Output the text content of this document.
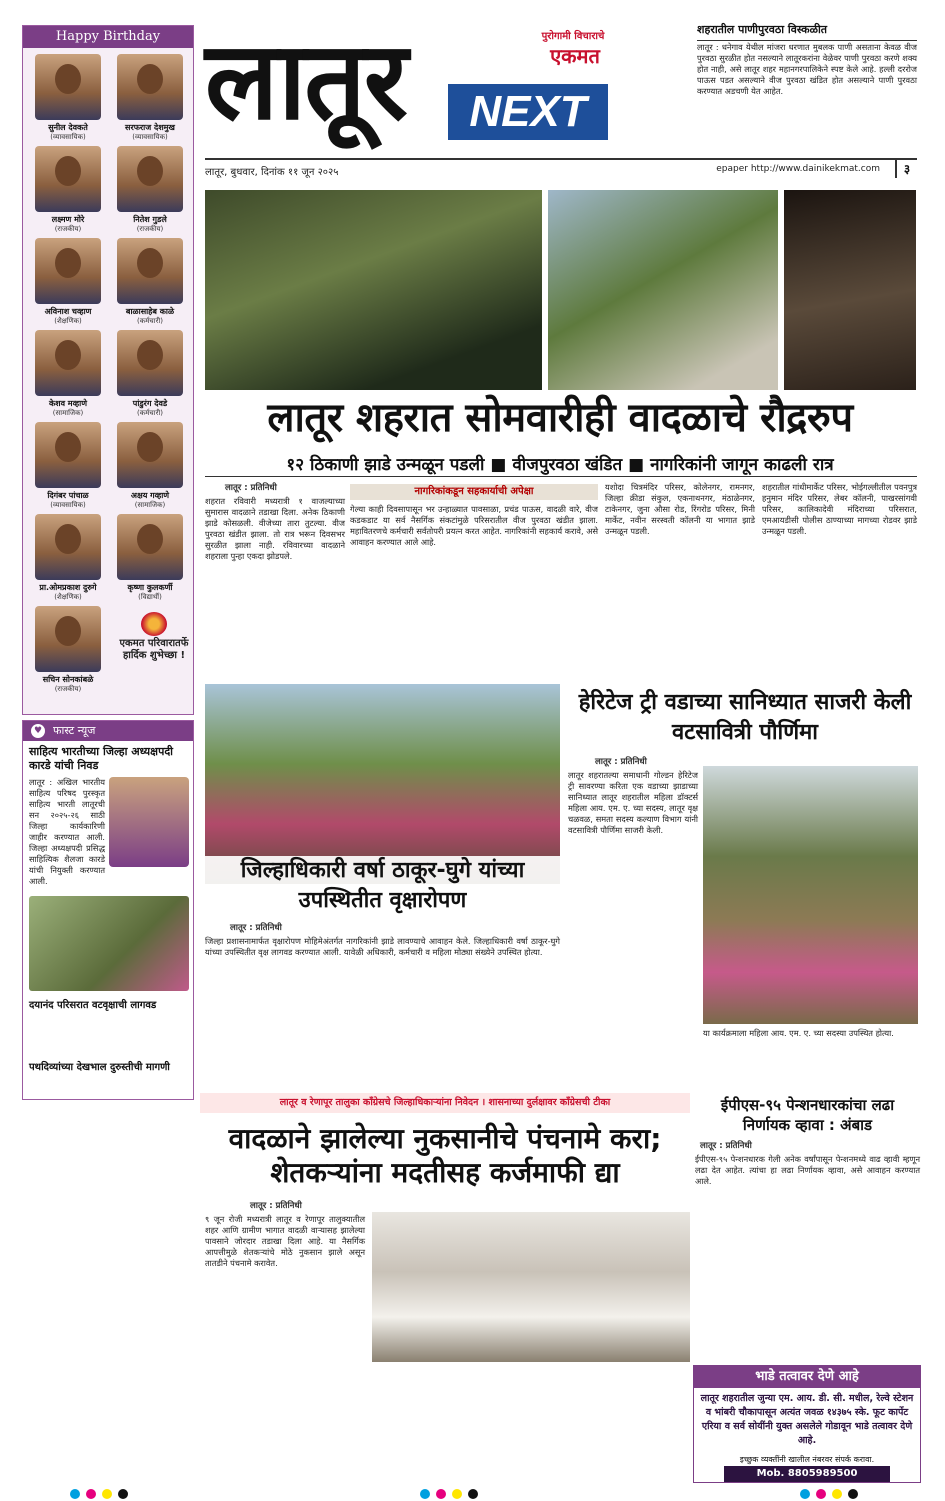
Happy Birthday
सुनील देवकते
(व्यावसायिक)
सरफराज देशमुख
(व्यावसायिक)
लक्ष्मण मोरे
(राजकीय)
नितेश गुडले
(राजकीय)
अविनाश चव्हाण
(शैक्षणिक)
बाळासाहेब काळे
(कर्मचारी)
केशव मव्हाणे
(सामाजिक)
पांडुरंग देवडे
(कर्मचारी)
दिगंबर पांचाळ
(व्यावसायिक)
अक्षय गव्हाणे
(सामाजिक)
प्रा.ओमप्रकाश दुरुगे
(शैक्षणिक)
कृष्णा कुलकर्णी
(विद्यार्थी)
सचिन सोनकांबळे
(राजकीय)
एकमत परिवारातर्फे हार्दिक शुभेच्छा !
फास्ट न्यूज
♥
साहित्य भारतीच्या जिल्हा अध्यक्षपदी कारडे यांची निवड
लातूर : अखिल भारतीय साहित्य परिषद पुरस्कृत साहित्य भारती लातूरची सन २०२५-२६ साठी जिल्हा कार्यकारिणी जाहीर करण्यात आली. जिल्हा अध्यक्षपदी प्रसिद्ध साहित्यिक शैलजा कारडे यांची नियुक्ती करण्यात आली.
दयानंद परिसरात वटवृक्षाची लागवड
पथदिव्यांच्या देखभाल दुरुस्तीची मागणी
लातूर	NEXT
पुरोगामी विचाराचे
एकमत
लातूर, बुधवार, दिनांक ११ जून २०२५	epaper http://www.dainikekmat.com	३
शहरातील पाणीपुरवठा विस्कळीत
लातूर : धनेगाव येथील मांजरा धरणात मुबलक पाणी असताना केवळ वीज पुरवठा सुरळीत होत नसल्याने लातूरकरांना वेळेवर पाणी पुरवठा करणे शक्य होत नाही, असे लातूर शहर महानगरपालिकेने स्पष्ट केले आहे. हल्ली दररोज पाऊस पडत असल्याने वीज पुरवठा खंडित होत असल्याने पाणी पुरवठा करण्यात अडचणी येत आहेत.
लातूर शहरात सोमवारीही वादळाचे रौद्ररुप
१२ ठिकाणी झाडे उन्मळून पडली ■ वीजपुरवठा खंडित ■ नागरिकांनी जागून काढली रात्र
लातूर : प्रतिनिधी
शहरात रविवारी मध्यरात्री १ वाजल्याच्या सुमारास वादळाने तडाखा दिला. अनेक ठिकाणी झाडे कोसळली. वीजेच्या तारा तुटल्या. वीज पुरवठा खंडीत झाला. तो रात्र भरून दिवसभर सुरळीत झाला नाही. रविवारच्या वादळाने शहराला पुन्हा एकदा झोडपले.
नागरिकांकडून सहकार्याची अपेक्षा
गेल्या काही दिवसापासून भर उन्हाळ्यात पावसाळा, प्रचंड पाऊस, वादळी वारे, वीज कडकडाट या सर्व नैसर्गिक संकटांमुळे परिसरातील वीज पुरवठा खंडीत झाला. महावितरणचे कर्मचारी सर्वतोपरी प्रयत्न करत आहेत. नागरिकांनी सहकार्य करावे, असे आवाहन करण्यात आले आहे.
यशोदा चित्रमंदिर परिसर, कोलेनगर, रामनगर, जिल्हा क्रीडा संकुल, एकनाथनगर, मंठाळेनगर, टाकेनगर, जुना औसा रोड, रिंगरोड परिसर, मिनी मार्केट, नवीन सरस्वती कॉलनी या भागात झाडे उन्मळून पडली.
शहरातील गांधीमार्केट परिसर, भोईगल्लीतील पवनपुत्र हनुमान मंदिर परिसर, लेबर कॉलनी, पाखरसांगवी परिसर, कालिकादेवी मंदिराच्या परिसरात, एमआयडीसी पोलीस ठाण्याच्या मागच्या रोडवर झाडे उन्मळून पडली.
जिल्हाधिकारी वर्षा ठाकूर-घुगे यांच्या उपस्थितीत वृक्षारोपण
लातूर : प्रतिनिधी
जिल्हा प्रशासनामार्फत वृक्षारोपण मोहिमेअंतर्गत नागरिकांनी झाडे लावण्याचे आवाहन केले. जिल्हाधिकारी वर्षा ठाकूर-घुगे यांच्या उपस्थितीत वृक्ष लागवड करण्यात आली. यावेळी अधिकारी, कर्मचारी व महिला मोठ्या संख्येने उपस्थित होत्या.
हेरिटेज ट्री वडाच्या सानिध्यात साजरी केली वटसावित्री पौर्णिमा
लातूर : प्रतिनिधी
लातूर शहरातल्या समाधानी गोल्डन हेरिटेज ट्री सावरण्या करिता एक वडाच्या झाडाच्या सानिध्यात लातूर शहरातील महिला डॉक्टर्स महिला आय. एम. ए. च्या सदस्य, लातूर वृक्ष चळवळ, समता सदस्य कल्याण विभाग यांनी वटसावित्री पौर्णिमा साजरी केली.
या कार्यक्रमाला महिला आय. एम. ए. च्या सदस्या उपस्थित होत्या.
लातूर व रेणापूर तालुका कॉंग्रेसचे जिल्हाधिकाऱ्यांना निवेदन । शासनाच्या दुर्लक्षावर कॉंग्रेसची टीका
वादळाने झालेल्या नुकसानीचे पंचनामे करा; शेतकऱ्यांना मदतीसह कर्जमाफी द्या
लातूर : प्रतिनिधी
९ जून रोजी मध्यरात्री लातूर व रेणापूर तालुक्यातील शहर आणि ग्रामीण भागात वादळी वाऱ्यासह झालेल्या पावसाने जोरदार तडाखा दिला आहे. या नैसर्गिक आपत्तीमुळे शेतकऱ्यांचे मोठे नुकसान झाले असून तातडीने पंचनामे करावेत.
ईपीएस-९५ पेन्शनधारकांचा लढा निर्णायक व्हावा : अंबाड
लातूर : प्रतिनिधी
ईपीएस-९५ पेन्शनधारक गेली अनेक वर्षांपासून पेन्शनमध्ये वाढ व्हावी म्हणून लढा देत आहेत. त्यांचा हा लढा निर्णायक व्हावा, असे आवाहन करण्यात आले.
भाडे तत्वावर देणे आहे
लातूर शहरातील जुन्या एम. आय. डी. सी. मधील, रेल्वे स्टेशन व भांबरी चौकापासून अत्यंत जवळ १४३७५ स्के. फूट कार्पेट एरिया व सर्व सोयींनी युक्त असलेले गोडावून भाडे तत्वावर देणे आहे.
इच्छुक व्यक्तींनी खालील नंबरवर संपर्क करावा.
Mob. 8805989500
